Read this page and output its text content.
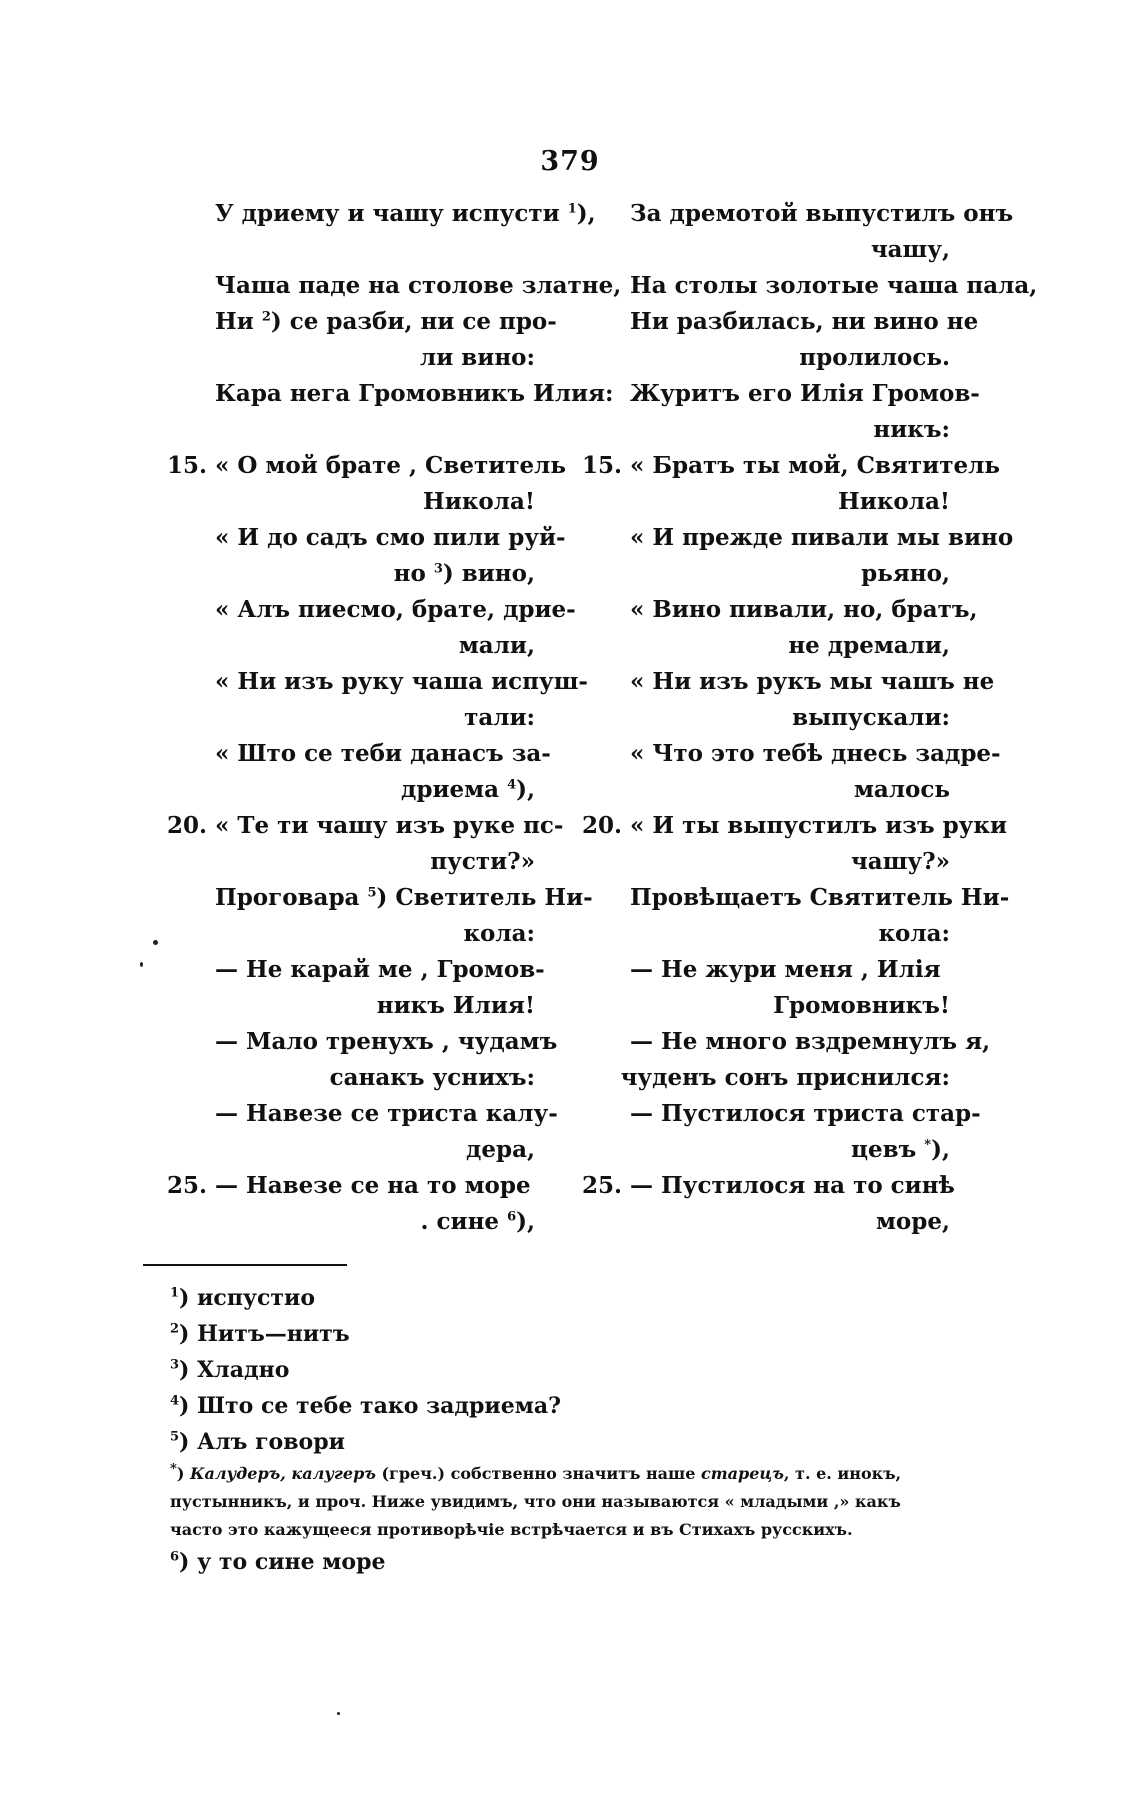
379
У дриему и чашу испусти $^1$),
Чаша паде на столове златне,
Ни $^2$) се разби, ни се про-
ли вино:
Кара нега Громовникъ Илия:
15. « О мой брате , Светитель
Никола!
« И до садъ смо пили руй-
но $^3$) вино,
« Алъ пиесмо, брате, дрие-
мали,
« Ни изъ руку чаша испуш-
тали:
« Што се теби данасъ за-
дриема $^4$),
20. « Те ти чашу изъ руке пс-
пусти?»
Проговара $^5$) Светитель Ни-
кола:
— Не карай ме , Громов-
никъ Илия!
— Мало тренухъ , чудамъ
санакъ усниxъ:
— Навезе се триста калу-
дера,
25. — Навезе се на то море
. сине $^6$),
За дремотой выпустилъ онъ
чашу,
На столы золотые чаша пала,
Ни разбилась, ни вино не
пролилось.
Журитъ его Илія Громов-
никъ:
15. « Братъ ты мой, Святитель
Никола!
« И прежде пивали мы вино
рьяно,
« Вино пивали, но, братъ,
не дремали,
« Ни изъ рукъ мы чашъ не
выпускали:
« Что это тебѣ днесь задре-
малось
20. « И ты выпустилъ изъ руки
чашу?»
Провѣщаетъ Святитель Ни-
кола:
— Не жури меня , Илія
Громовникъ!
— Не много вздремнулъ я,
чуденъ сонъ приснился:
— Пустилося триста стар-
цевъ *),
25. — Пустилося на то синѣ
море,
$^1$) испустио
$^2$) Нитъ—нитъ
$^3$) Хладно
$^4$) Што се тебе тако задриема?
$^5$) Алъ говори
*) Калудеръ, калугеръ (греч.) собственно значитъ наше старецъ, т. е. инокъ, пустынникъ, и проч. Ниже увидимъ, что они называются « младыми ,» какъ часто это кажущееся противорѣчіе встрѣчается и въ Стихахъ русскихъ.
$^6$) у то сине море
